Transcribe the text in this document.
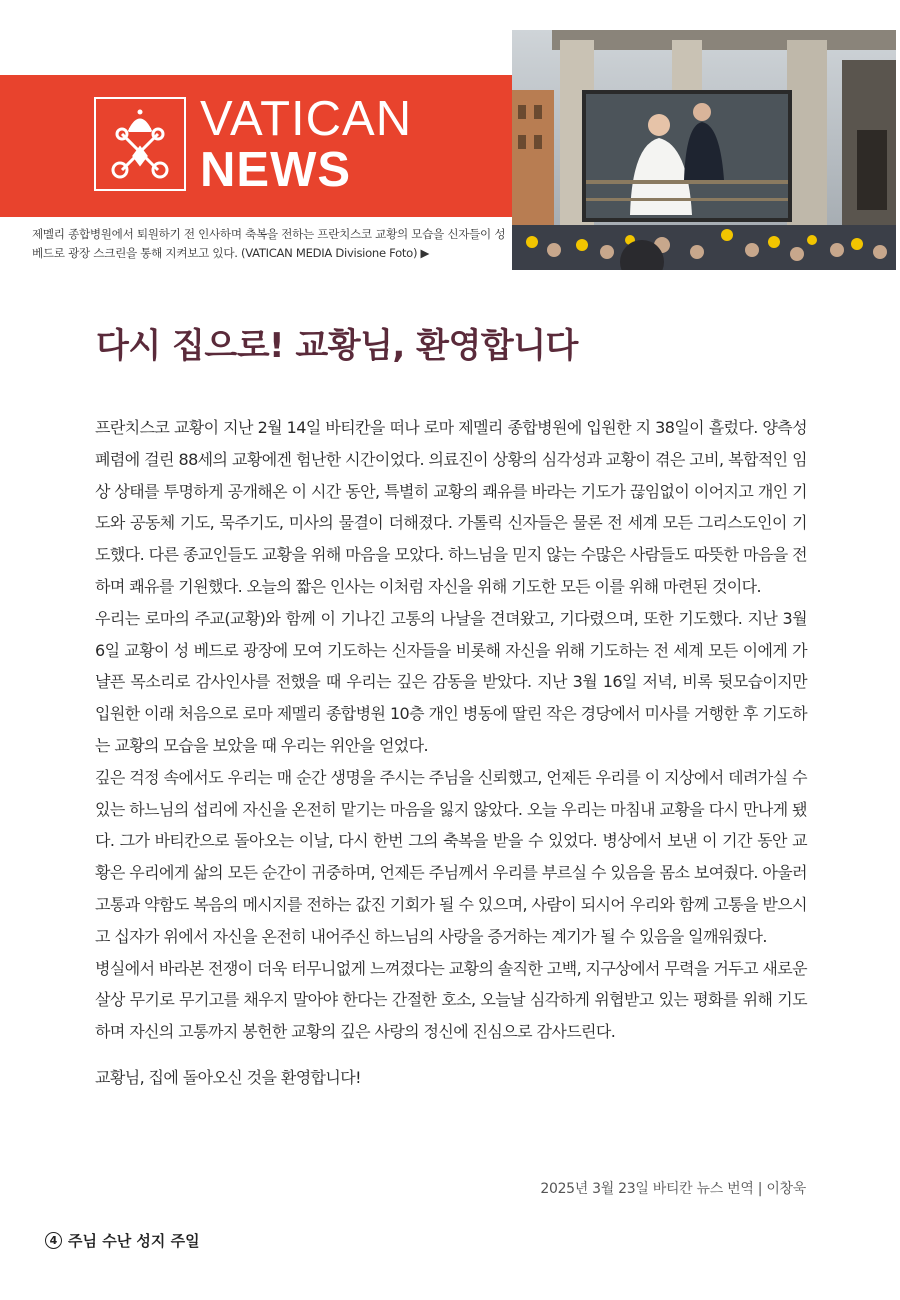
VATICAN
NEWS
제멜리 종합병원에서 퇴원하기 전 인사하며 축복을 전하는 프란치스코 교황의 모습을 신자들이 성 베드로 광장 스크린을 통해 지켜보고 있다. (VATICAN MEDIA Divisione Foto) ▶
다시 집으로! 교황님, 환영합니다

프란치스코 교황이 지난 2월 14일 바티칸을 떠나 로마 제멜리 종합병원에 입원한 지 38일이 흘렀다. 양측성 폐렴에 걸린 88세의 교황에겐 험난한 시간이었다. 의료진이 상황의 심각성과 교황이 겪은 고비, 복합적인 임상 상태를 투명하게 공개해온 이 시간 동안, 특별히 교황의 쾌유를 바라는 기도가 끊임없이 이어지고 개인 기도와 공동체 기도, 묵주기도, 미사의 물결이 더해졌다. 가톨릭 신자들은 물론 전 세계 모든 그리스도인이 기도했다. 다른 종교인들도 교황을 위해 마음을 모았다. 하느님을 믿지 않는 수많은 사람들도 따뜻한 마음을 전하며 쾌유를 기원했다. 오늘의 짧은 인사는 이처럼 자신을 위해 기도한 모든 이를 위해 마련된 것이다.

우리는 로마의 주교(교황)와 함께 이 기나긴 고통의 나날을 견뎌왔고, 기다렸으며, 또한 기도했다. 지난 3월 6일 교황이 성 베드로 광장에 모여 기도하는 신자들을 비롯해 자신을 위해 기도하는 전 세계 모든 이에게 가냘픈 목소리로 감사인사를 전했을 때 우리는 깊은 감동을 받았다. 지난 3월 16일 저녁, 비록 뒷모습이지만 입원한 이래 처음으로 로마 제멜리 종합병원 10층 개인 병동에 딸린 작은 경당에서 미사를 거행한 후 기도하는 교황의 모습을 보았을 때 우리는 위안을 얻었다.

깊은 걱정 속에서도 우리는 매 순간 생명을 주시는 주님을 신뢰했고, 언제든 우리를 이 지상에서 데려가실 수 있는 하느님의 섭리에 자신을 온전히 맡기는 마음을 잃지 않았다. 오늘 우리는 마침내 교황을 다시 만나게 됐다. 그가 바티칸으로 돌아오는 이날, 다시 한번 그의 축복을 받을 수 있었다. 병상에서 보낸 이 기간 동안 교황은 우리에게 삶의 모든 순간이 귀중하며, 언제든 주님께서 우리를 부르실 수 있음을 몸소 보여줬다. 아울러 고통과 약함도 복음의 메시지를 전하는 값진 기회가 될 수 있으며, 사람이 되시어 우리와 함께 고통을 받으시고 십자가 위에서 자신을 온전히 내어주신 하느님의 사랑을 증거하는 계기가 될 수 있음을 일깨워줬다.

병실에서 바라본 전쟁이 더욱 터무니없게 느껴졌다는 교황의 솔직한 고백, 지구상에서 무력을 거두고 새로운 살상 무기로 무기고를 채우지 말아야 한다는 간절한 호소, 오늘날 심각하게 위협받고 있는 평화를 위해 기도하며 자신의 고통까지 봉헌한 교황의 깊은 사랑의 정신에 진심으로 감사드린다.

교황님, 집에 돌아오신 것을 환영합니다!

2025년 3월 23일 바티칸 뉴스 번역 | 이창욱
4 주님 수난 성지 주일
